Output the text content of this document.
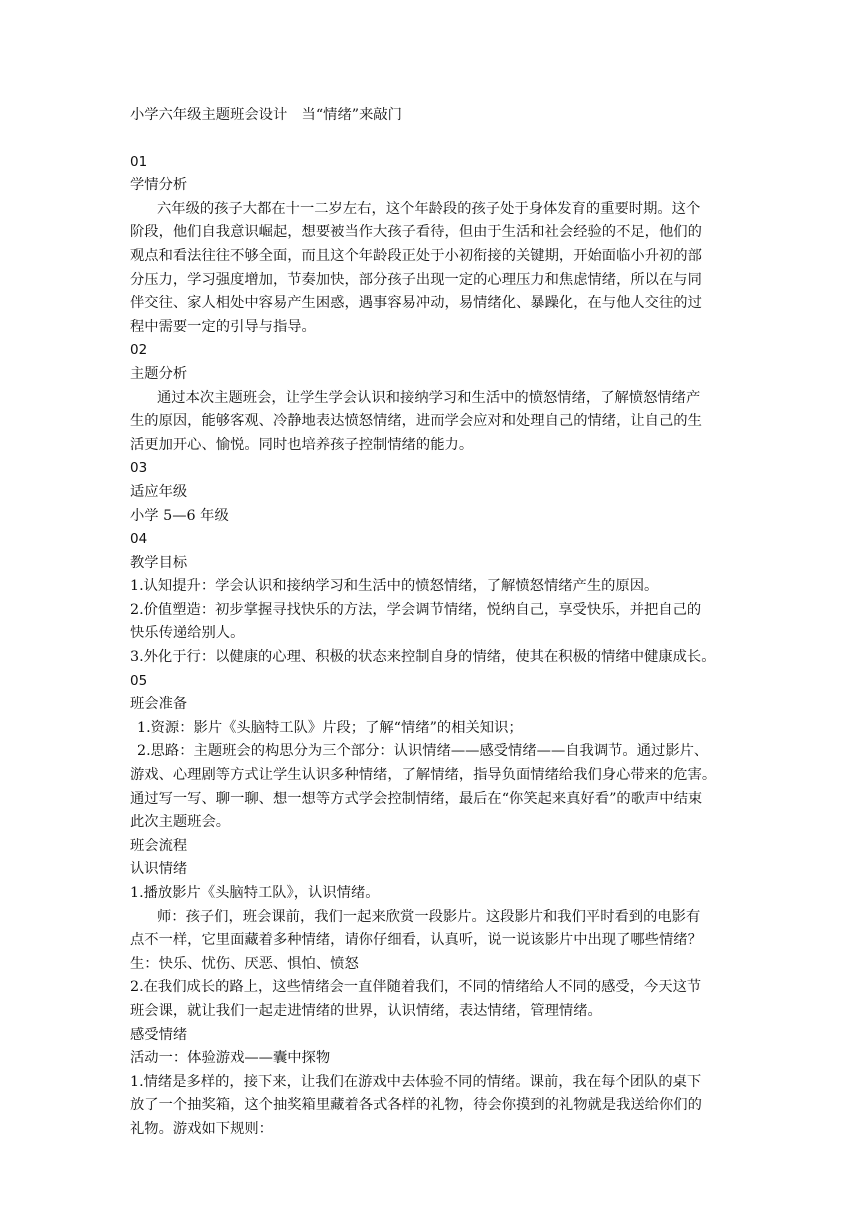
小学六年级主题班会设计　当“情绪”来敲门
01
学情分析
六年级的孩子大都在十一二岁左右，这个年龄段的孩子处于身体发育的重要时期。这个
阶段，他们自我意识崛起，想要被当作大孩子看待，但由于生活和社会经验的不足，他们的
观点和看法往往不够全面，而且这个年龄段正处于小初衔接的关键期，开始面临小升初的部
分压力，学习强度增加，节奏加快，部分孩子出现一定的心理压力和焦虑情绪，所以在与同
伴交往、家人相处中容易产生困惑，遇事容易冲动，易情绪化、暴躁化，在与他人交往的过
程中需要一定的引导与指导。
02
主题分析
通过本次主题班会，让学生学会认识和接纳学习和生活中的愤怒情绪，了解愤怒情绪产
生的原因，能够客观、冷静地表达愤怒情绪，进而学会应对和处理自己的情绪，让自己的生
活更加开心、愉悦。同时也培养孩子控制情绪的能力。
03
适应年级
小学 5—6 年级
04
教学目标
1.认知提升：学会认识和接纳学习和生活中的愤怒情绪，了解愤怒情绪产生的原因。
2.价值塑造：初步掌握寻找快乐的方法，学会调节情绪，悦纳自己，享受快乐，并把自己的
快乐传递给别人。
3.外化于行：以健康的心理、积极的状态来控制自身的情绪，使其在积极的情绪中健康成长。
05
班会准备
1.资源：影片《头脑特工队》片段；了解“情绪”的相关知识；
2.思路：主题班会的构思分为三个部分：认识情绪——感受情绪——自我调节。通过影片、
游戏、心理剧等方式让学生认识多种情绪，了解情绪，指导负面情绪给我们身心带来的危害。
通过写一写、聊一聊、想一想等方式学会控制情绪，最后在“你笑起来真好看”的歌声中结束
此次主题班会。
班会流程
认识情绪
1.播放影片《头脑特工队》，认识情绪。
师：孩子们，班会课前，我们一起来欣赏一段影片。这段影片和我们平时看到的电影有
点不一样，它里面藏着多种情绪，请你仔细看，认真听，说一说该影片中出现了哪些情绪？
生：快乐、忧伤、厌恶、惧怕、愤怒
2.在我们成长的路上，这些情绪会一直伴随着我们，不同的情绪给人不同的感受，今天这节
班会课，就让我们一起走进情绪的世界，认识情绪，表达情绪，管理情绪。
感受情绪
活动一：体验游戏——囊中探物
1.情绪是多样的，接下来，让我们在游戏中去体验不同的情绪。课前，我在每个团队的桌下
放了一个抽奖箱，这个抽奖箱里藏着各式各样的礼物，待会你摸到的礼物就是我送给你们的
礼物。游戏如下规则：
